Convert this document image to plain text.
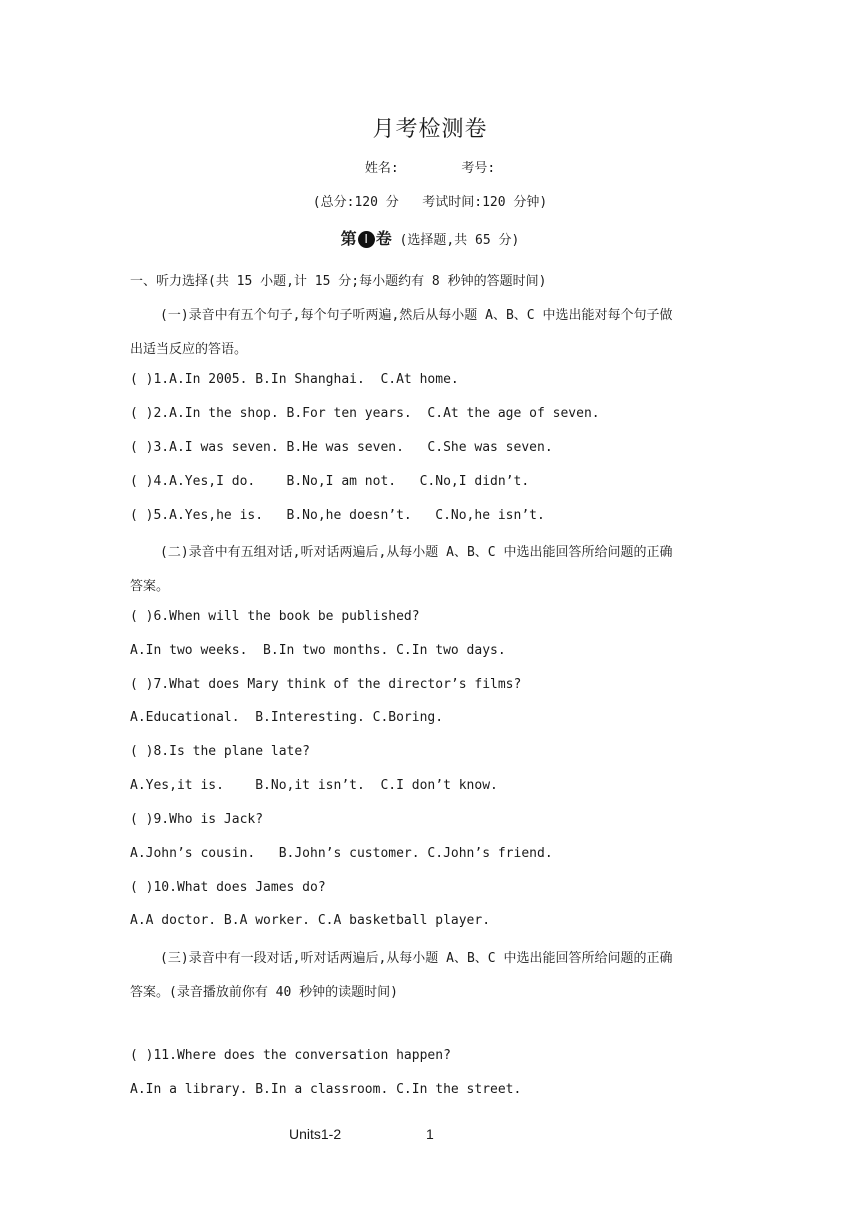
月考检测卷
姓名:	考号:
(总分:120 分   考试时间:120 分钟)
第 Ⅰ 卷 (选择题,共 65 分)
一、听力选择(共 15 小题,计 15 分;每小题约有 8 秒钟的答题时间)
(一)录音中有五个句子,每个句子听两遍,然后从每小题 A、B、C 中选出能对每个句子做
出适当反应的答语。
( )1.A.In 2005. B.In Shanghai.  C.At home.
( )2.A.In the shop. B.For ten years.  C.At the age of seven.
( )3.A.I was seven. B.He was seven.   C.She was seven.
( )4.A.Yes,I do.    B.No,I am not.   C.No,I didn’t.
( )5.A.Yes,he is.   B.No,he doesn’t.   C.No,he isn’t.
(二)录音中有五组对话,听对话两遍后,从每小题 A、B、C 中选出能回答所给问题的正确
答案。
( )6.When will the book be published?
A.In two weeks.  B.In two months. C.In two days.
( )7.What does Mary think of the director’s films?
A.Educational.  B.Interesting. C.Boring.
( )8.Is the plane late?
A.Yes,it is.    B.No,it isn’t.  C.I don’t know.
( )9.Who is Jack?
A.John’s cousin.   B.John’s customer. C.John’s friend.
( )10.What does James do?
A.A doctor. B.A worker. C.A basketball player.
(三)录音中有一段对话,听对话两遍后,从每小题 A、B、C 中选出能回答所给问题的正确
答案。(录音播放前你有 40 秒钟的读题时间)
( )11.Where does the conversation happen?
A.In a library. B.In a classroom. C.In the street.
Units1-2	1
